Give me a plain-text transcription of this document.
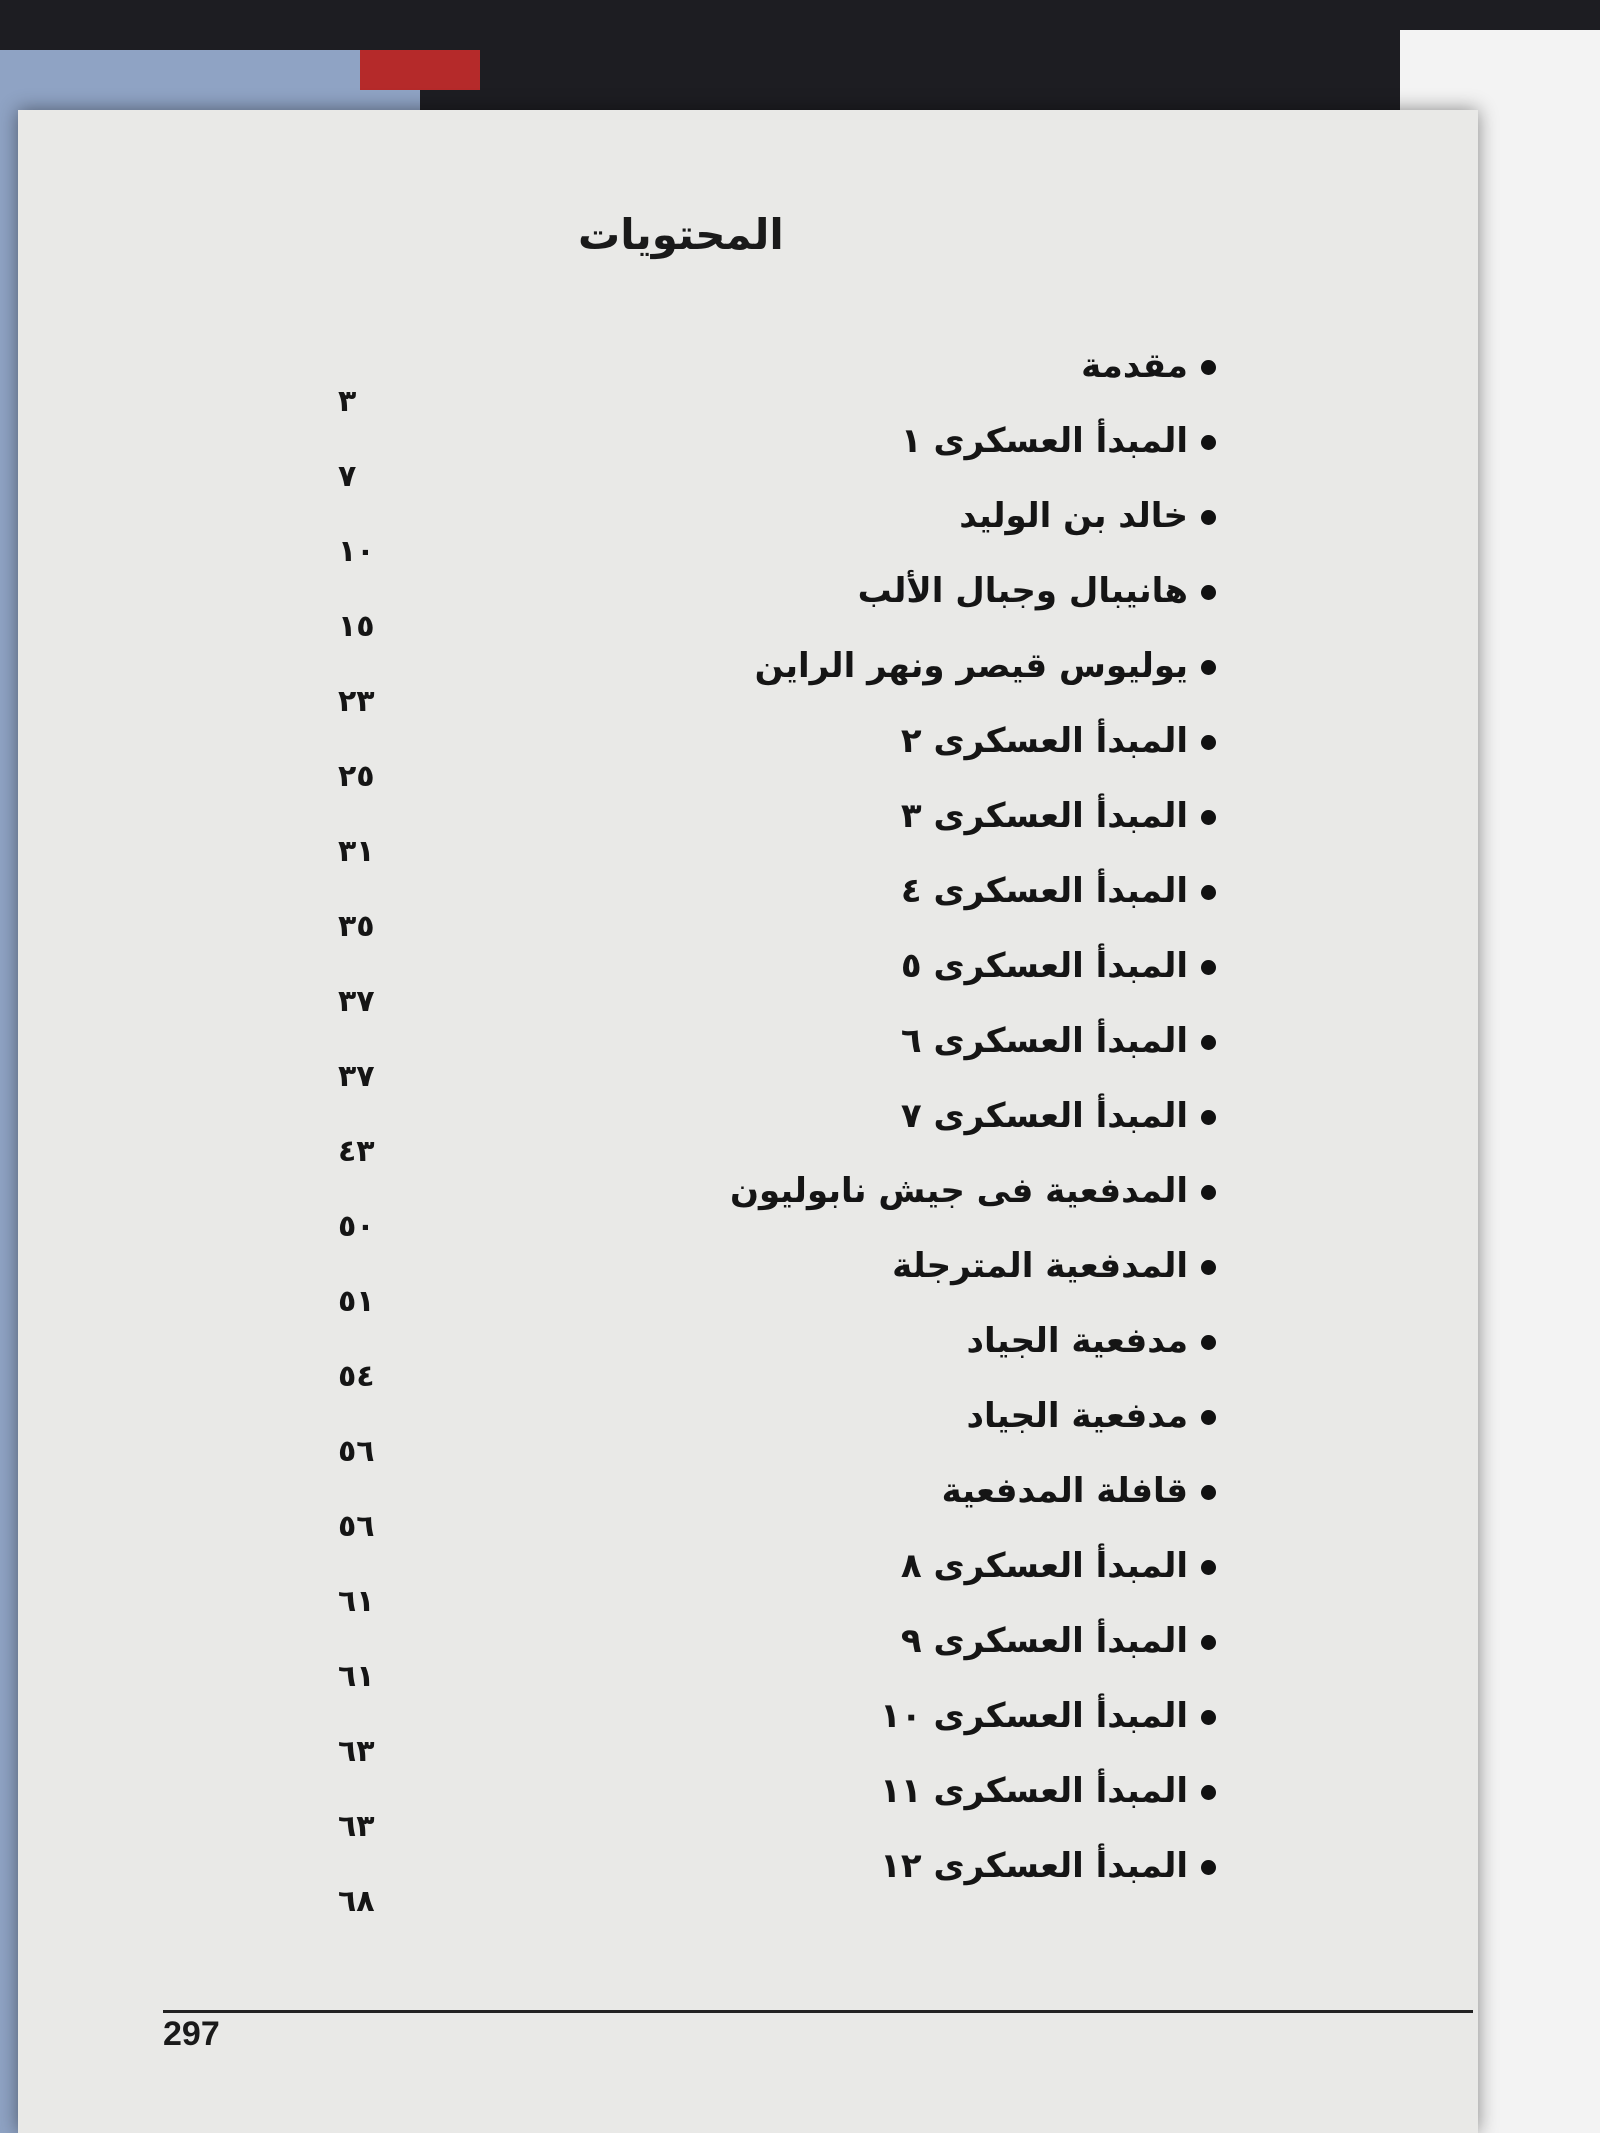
المحتويات
مقدمة
٣
المبدأ العسكرى ١
٧
خالد بن الوليد
١٠
هانيبال وجبال الألب
١٥
يوليوس قيصر ونهر الراين
٢٣
المبدأ العسكرى ٢
٢٥
المبدأ العسكرى ٣
٣١
المبدأ العسكرى ٤
٣٥
المبدأ العسكرى ٥
٣٧
المبدأ العسكرى ٦
٣٧
المبدأ العسكرى ٧
٤٣
المدفعية فى جيش نابوليون
٥٠
المدفعية المترجلة
٥١
مدفعية الجياد
٥٤
مدفعية الجياد
٥٦
قافلة المدفعية
٥٦
المبدأ العسكرى ٨
٦١
المبدأ العسكرى ٩
٦١
المبدأ العسكرى ١٠
٦٣
المبدأ العسكرى ١١
٦٣
المبدأ العسكرى ١٢
٦٨
297
